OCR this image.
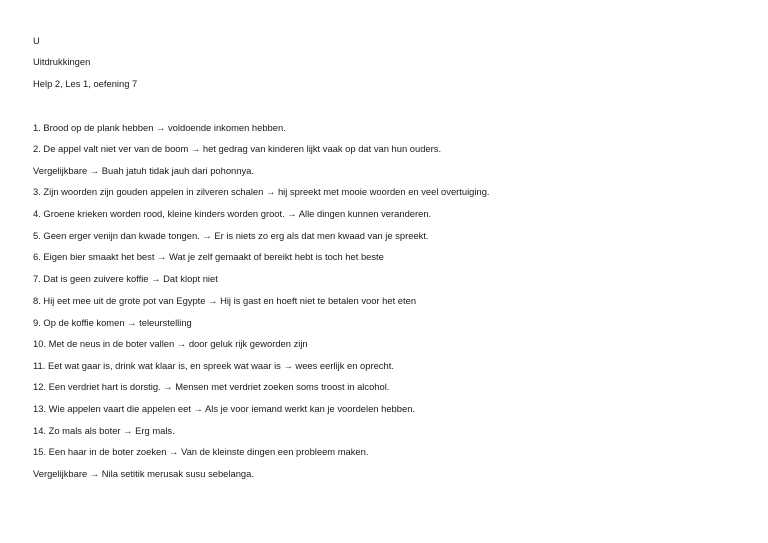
U
Uitdrukkingen
Help 2, Les 1, oefening 7
1. Brood op de plank hebben → voldoende inkomen hebben.
2. De appel valt niet ver van de boom → het gedrag van kinderen lijkt vaak op dat van hun ouders.
Vergelijkbare → Buah jatuh tidak jauh dari pohonnya.
3. Zijn woorden zijn gouden appelen in zilveren schalen → hij spreekt met mooie woorden en veel overtuiging.
4. Groene krieken worden rood, kleine kinders worden groot. → Alle dingen kunnen veranderen.
5. Geen erger venijn dan kwade tongen. → Er is niets zo erg als dat men kwaad van je spreekt.
6. Eigen bier smaakt het best → Wat je zelf gemaakt of bereikt hebt is toch het beste
7. Dat is geen zuivere koffie → Dat klopt niet
8. Hij eet mee uit de grote pot van Egypte → Hij is gast en hoeft niet te betalen voor het eten
9. Op de koffie komen → teleurstelling
10. Met de neus in de boter vallen → door geluk rijk geworden zijn
11. Eet wat gaar is, drink wat klaar is, en spreek wat waar is → wees eerlijk en oprecht.
12. Een verdriet hart is dorstig. → Mensen met verdriet zoeken soms troost in alcohol.
13. Wie appelen vaart die appelen eet → Als je voor iemand werkt kan je voordelen hebben.
14. Zo mals als boter → Erg mals.
15. Een haar in de boter zoeken → Van de kleinste dingen een probleem maken.
Vergelijkbare → Nila setitik merusak susu sebelanga.
